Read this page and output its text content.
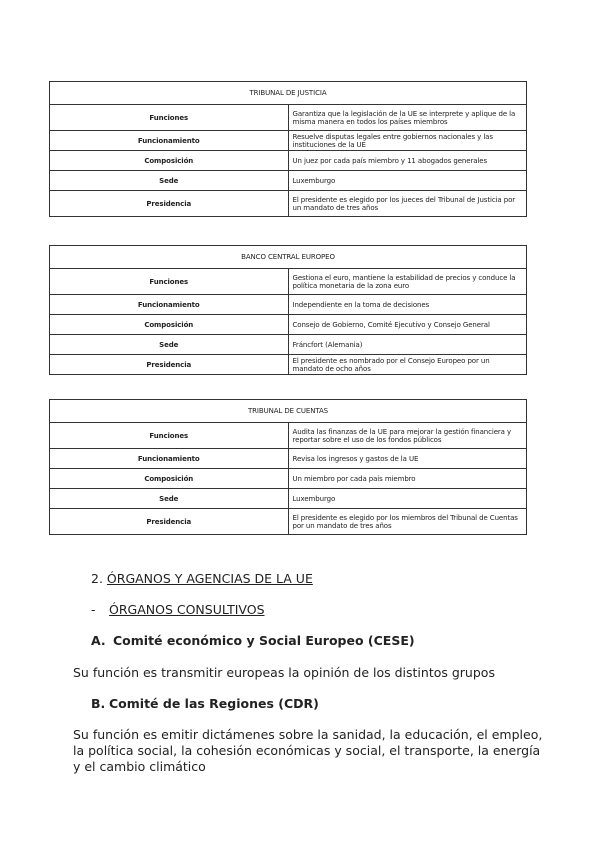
TRIBUNAL DE JUSTICIA	
Funciones	Garantiza que la legislación de la UE se interprete y aplique de la misma manera en todos los países miembros
Funcionamiento	Resuelve disputas legales entre gobiernos nacionales y las instituciones de la UE
Composición	Un juez por cada país miembro y 11 abogados generales
Sede	Luxemburgo
Presidencia	El presidente es elegido por los jueces del Tribunal de Justicia por un mandato de tres años
BANCO CENTRAL EUROPEO	
Funciones	Gestiona el euro, mantiene la estabilidad de precios y conduce la política monetaria de la zona euro
Funcionamiento	Independiente en la toma de decisiones
Composición	Consejo de Gobierno, Comité Ejecutivo y Consejo General
Sede	Fráncfort (Alemania)
Presidencia	El presidente es nombrado por el Consejo Europeo por un mandato de ocho años
TRIBUNAL DE CUENTAS	
Funciones	Audita las finanzas de la UE para mejorar la gestión financiera y reportar sobre el uso de los fondos públicos
Funcionamiento	Revisa los ingresos y gastos de la UE
Composición	Un miembro por cada país miembro
Sede	Luxemburgo
Presidencia	El presidente es elegido por los miembros del Tribunal de Cuentas por un mandato de tres años
2. ÓRGANOS Y AGENCIAS DE LA UE
- ÓRGANOS CONSULTIVOS
A. Comité económico y Social Europeo (CESE)
Su función es transmitir europeas la opinión de los distintos grupos
B. Comité de las Regiones (CDR)
Su función es emitir dictámenes sobre la sanidad, la educación, el empleo, la política social, la cohesión económicas y social, el transporte, la energía y el cambio climático
